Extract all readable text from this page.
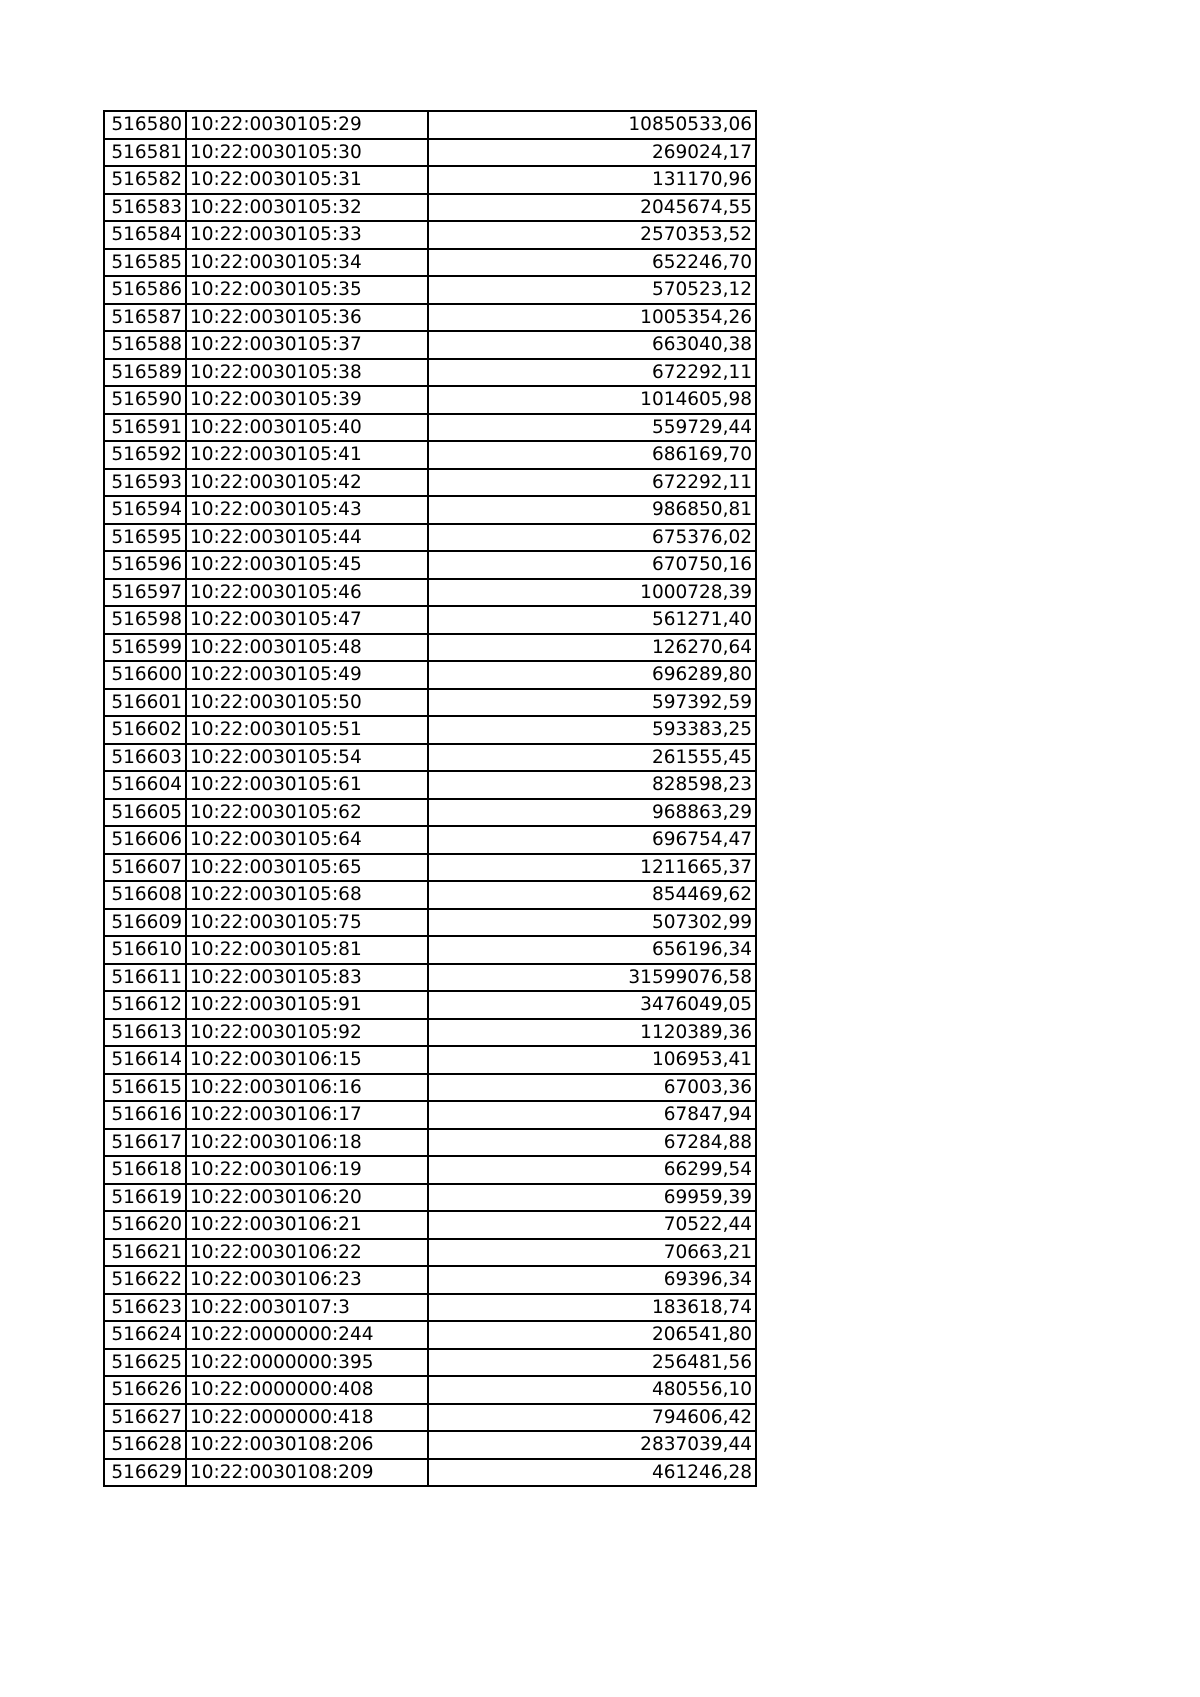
516580	10:22:0030105:29	10850533,06
516581	10:22:0030105:30	269024,17
516582	10:22:0030105:31	131170,96
516583	10:22:0030105:32	2045674,55
516584	10:22:0030105:33	2570353,52
516585	10:22:0030105:34	652246,70
516586	10:22:0030105:35	570523,12
516587	10:22:0030105:36	1005354,26
516588	10:22:0030105:37	663040,38
516589	10:22:0030105:38	672292,11
516590	10:22:0030105:39	1014605,98
516591	10:22:0030105:40	559729,44
516592	10:22:0030105:41	686169,70
516593	10:22:0030105:42	672292,11
516594	10:22:0030105:43	986850,81
516595	10:22:0030105:44	675376,02
516596	10:22:0030105:45	670750,16
516597	10:22:0030105:46	1000728,39
516598	10:22:0030105:47	561271,40
516599	10:22:0030105:48	126270,64
516600	10:22:0030105:49	696289,80
516601	10:22:0030105:50	597392,59
516602	10:22:0030105:51	593383,25
516603	10:22:0030105:54	261555,45
516604	10:22:0030105:61	828598,23
516605	10:22:0030105:62	968863,29
516606	10:22:0030105:64	696754,47
516607	10:22:0030105:65	1211665,37
516608	10:22:0030105:68	854469,62
516609	10:22:0030105:75	507302,99
516610	10:22:0030105:81	656196,34
516611	10:22:0030105:83	31599076,58
516612	10:22:0030105:91	3476049,05
516613	10:22:0030105:92	1120389,36
516614	10:22:0030106:15	106953,41
516615	10:22:0030106:16	67003,36
516616	10:22:0030106:17	67847,94
516617	10:22:0030106:18	67284,88
516618	10:22:0030106:19	66299,54
516619	10:22:0030106:20	69959,39
516620	10:22:0030106:21	70522,44
516621	10:22:0030106:22	70663,21
516622	10:22:0030106:23	69396,34
516623	10:22:0030107:3	183618,74
516624	10:22:0000000:244	206541,80
516625	10:22:0000000:395	256481,56
516626	10:22:0000000:408	480556,10
516627	10:22:0000000:418	794606,42
516628	10:22:0030108:206	2837039,44
516629	10:22:0030108:209	461246,28
